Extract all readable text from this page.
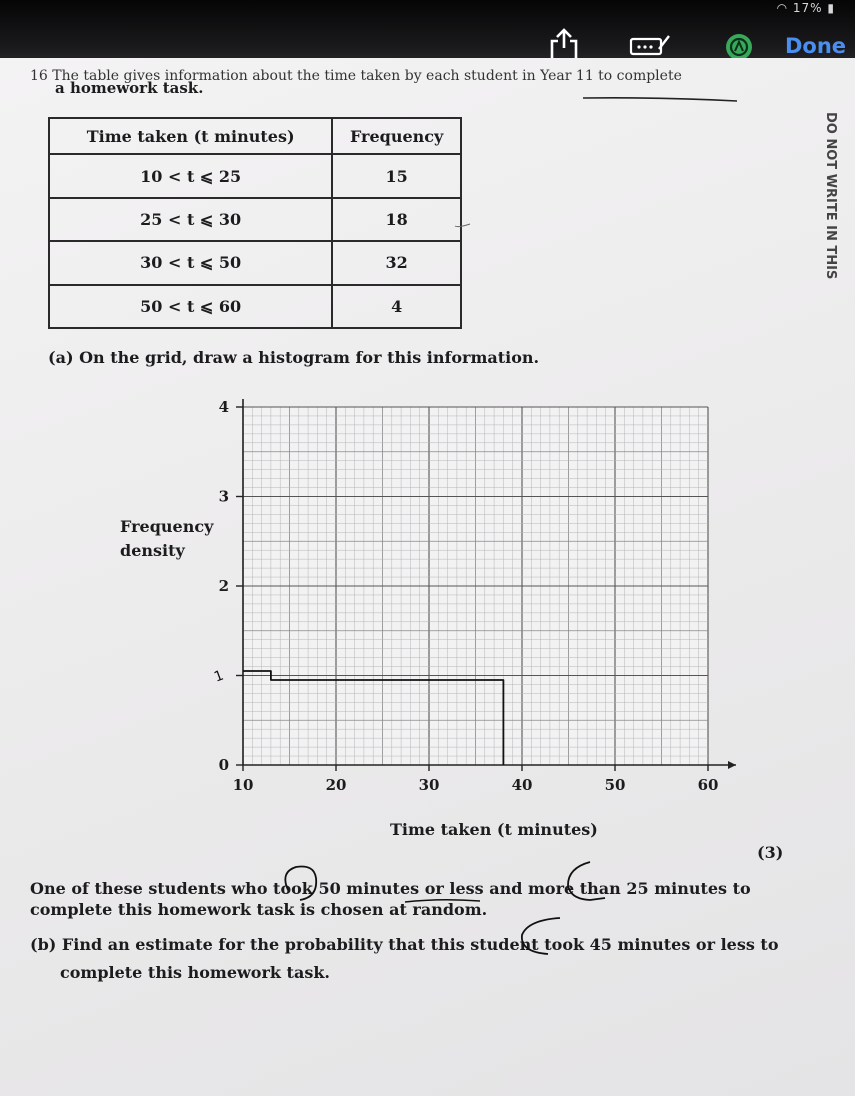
◠ 17% ▮
Done
16 The table gives information about the time taken by each student in Year 11 to complete
a homework task.
Time taken (t minutes)	Frequency
10 < t ⩽ 25	15
25 < t ⩽ 30	18
30 < t ⩽ 50	32
50 < t ⩽ 60	4
(a) On the grid, draw a histogram for this information.
Frequency
density
10	20	30	40	50	60
0
2
3
4
1
Time taken (t minutes)
(3)
One of these students who took 50 minutes or less and more than 25 minutes to
complete this homework task is chosen at random.
(b) Find an estimate for the probability that this student took 45 minutes or less to
complete this homework task.
DO NOT WRITE IN THIS
